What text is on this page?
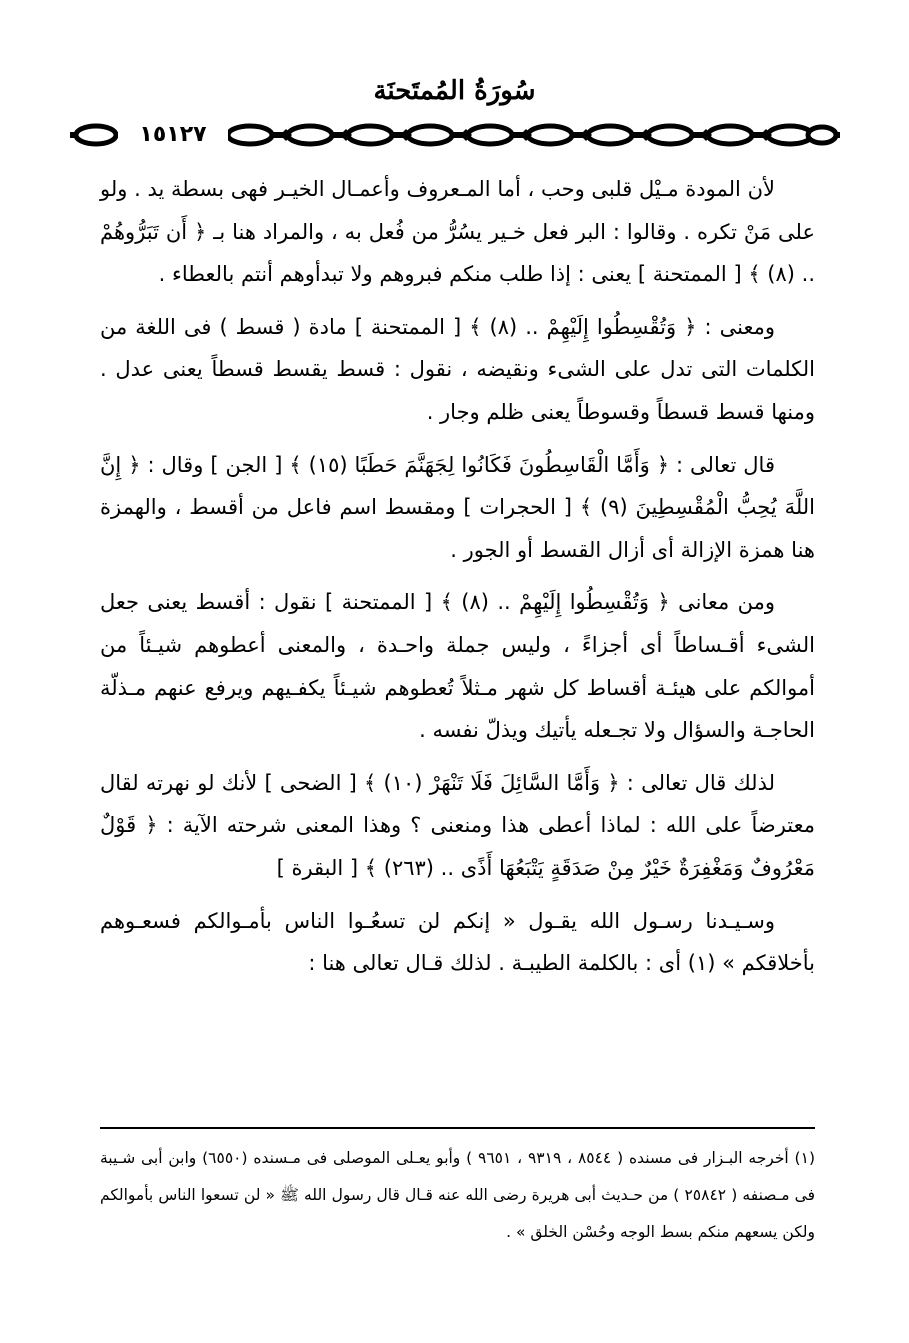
سُورَةُ المُمتَحنَة
١٥١٢٧

لأن المودة مـيْل قلبى وحب ، أما المـعروف وأعمـال الخيـر فهى بسطة يد . ولو على مَنْ تكره . وقالوا : البر فعل خـير يسُرُّ من فُعل به ، والمراد هنا بـ ﴿ أَن تَبَرُّوهُمْ .. (٨) ﴾ [ الممتحنة ] يعنى : إذا طلب منكم فبروهم ولا تبدأوهم أنتم بالعطاء .

ومعنى : ﴿ وَتُقْسِطُوا إِلَيْهِمْ .. (٨) ﴾ [ الممتحنة ] مادة ( قسط ) فى اللغة من الكلمات التى تدل على الشىء ونقيضه ، نقول : قسط يقسط قسطاً يعنى عدل . ومنها قسط قسطاً وقسوطاً يعنى ظلم وجار .

قال تعالى : ﴿ وَأَمَّا الْقَاسِطُونَ فَكَانُوا لِجَهَنَّمَ حَطَبًا (١٥) ﴾ [ الجن ] وقال : ﴿ إِنَّ اللَّهَ يُحِبُّ الْمُقْسِطِينَ (٩) ﴾ [ الحجرات ] ومقسط اسم فاعل من أقسط ، والهمزة هنا همزة الإزالة أى أزال القسط أو الجور .

ومن معانى ﴿ وَتُقْسِطُوا إِلَيْهِمْ .. (٨) ﴾ [ الممتحنة ] نقول : أقسط يعنى جعل الشىء أقـساطاً أى أجزاءً ، وليس جملة واحـدة ، والمعنى أعطوهم شيـئاً من أموالكم على هيئـة أقساط كل شهر مـثلاً تُعطوهم شيـئاً يكفـيهم ويرفع عنهم مـذلّة الحاجـة والسؤال ولا تجـعله يأتيك ويذلّ نفسه .

لذلك قال تعالى : ﴿ وَأَمَّا السَّائِلَ فَلَا تَنْهَرْ (١٠) ﴾ [ الضحى ] لأنك لو نهرته لقال معترضاً على الله : لماذا أعطى هذا ومنعنى ؟ وهذا المعنى شرحته الآية : ﴿ قَوْلٌ مَعْرُوفٌ وَمَغْفِرَةٌ خَيْرٌ مِنْ صَدَقَةٍ يَتْبَعُهَا أَذًى .. (٢٦٣) ﴾ [ البقرة ]

وسـيـدنا رسـول الله يقـول « إنكم لن تسعُـوا الناس بأمـوالكم فسعـوهم بأخلاقكم » (١) أى : بالكلمة الطيبـة . لذلك قـال تعالى هنا :

(١) أخرجه البـزار فى مسنده ( ٨٥٤٤ ، ٩٣١٩ ، ٩٦٥١ ) وأبو يعـلى الموصلى فى مـسنده (٦٥٥٠) وابن أبى شـيبة فى مـصنفه ( ٢٥٨٤٢ ) من حـديث أبى هريرة رضى الله عنه قـال قال رسول الله ﷺ « لن تسعوا الناس بأموالكم ولكن يسعهم منكم بسط الوجه وحُسْن الخلق » .
